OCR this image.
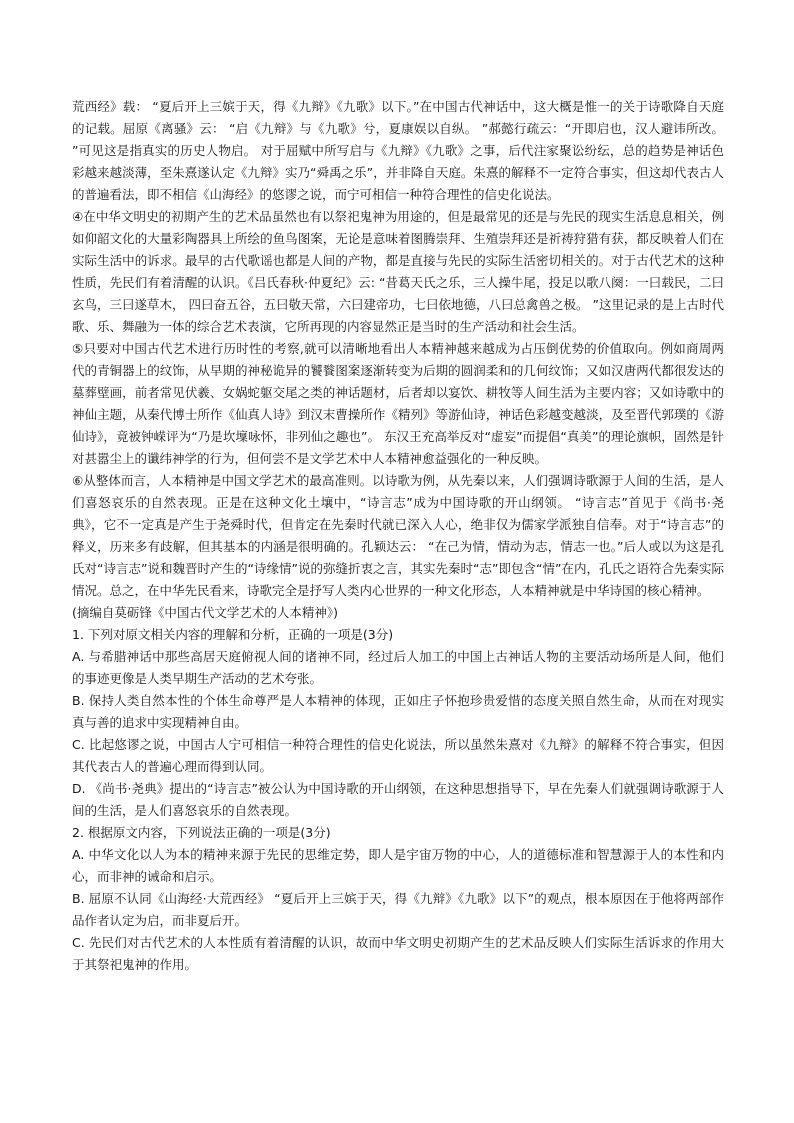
荒西经》载： “夏后开上三嫔于天，得《九辩》《九歌》以下。”在中国古代神话中，这大概是惟一的关于诗歌降自天庭的记载。屈原《离骚》云： “启《九辩》与《九歌》兮，夏康娱以自纵。 ”郝懿行疏云：“开即启也，汉人避讳所改。 ”可见这是指真实的历史人物启。 对于屈赋中所写启与《九辩》《九歌》之事，后代注家聚讼纷纭，总的趋势是神话色彩越来越淡薄，至朱熹遂认定《九辩》实乃“舜禹之乐”，并非降自天庭。朱熹的解释不一定符合事实，但这却代表古人的普遍看法，即不相信《山海经》的悠谬之说，而宁可相信一种符合理性的信史化说法。

④在中华文明史的初期产生的艺术品虽然也有以祭祀鬼神为用途的，但是最常见的还是与先民的现实生活息息相关，例如仰韶文化的大量彩陶器具上所绘的鱼鸟图案，无论是意味着图腾崇拜、生殖崇拜还是祈祷狩猎有获，都反映着人们在实际生活中的诉求。最早的古代歌谣也都是人间的产物，都是直接与先民的实际生活密切相关的。对于古代艺术的这种性质，先民们有着清醒的认识。《吕氏春秋·仲夏纪》云: “昔葛天氏之乐，三人操牛尾，投足以歌八阕：一曰载民，二曰玄鸟，三曰遂草木， 四曰奋五谷，五曰敬天常，六曰建帝功，七曰依地德，八曰总禽兽之极。 ”这里记录的是上古时代歌、乐、舞融为一体的综合艺术表演，它所再现的内容显然正是当时的生产活动和社会生活。

⑤只要对中国古代艺术进行历时性的考察,就可以清晰地看出人本精神越来越成为占压倒优势的价值取向。例如商周两代的青铜器上的纹饰，从早期的神秘诡异的饕餮图案逐渐转变为后期的圆润柔和的几何纹饰；又如汉唐两代都很发达的墓葬壁画，前者常见伏羲、女娲蛇躯交尾之类的神话题材，后者却以宴饮、耕牧等人间生活为主要内容；又如诗歌中的神仙主题，从秦代博士所作《仙真人诗》到汉末曹操所作《精列》等游仙诗，神话色彩越变越淡，及至晋代郭璞的《游仙诗》，竟被钟嵘评为“乃是坎壈咏怀，非列仙之趣也”。 东汉王充高举反对“虚妄”而提倡“真美”的理论旗帜，固然是针对甚嚣尘上的谶纬神学的行为，但何尝不是文学艺术中人本精神愈益强化的一种反映。

⑥从整体而言，人本精神是中国文学艺术的最高准则。以诗歌为例，从先秦以来，人们强调诗歌源于人间的生活，是人们喜怒哀乐的自然表现。正是在这种文化土壤中，“诗言志”成为中国诗歌的开山纲领。 “诗言志”首见于《尚书·尧典》，它不一定真是产生于尧舜时代，但肯定在先秦时代就已深入人心，绝非仅为儒家学派独自信奉。对于“诗言志”的释义，历来多有歧解，但其基本的内涵是很明确的。孔颖达云： “在己为情，情动为志，情志一也。”后人或以为这是孔氏对“诗言志”说和魏晋时产生的“诗缘情”说的弥缝折衷之言，其实先秦时“志”即包含“情”在内，孔氏之语符合先秦实际情况。总之，在中华先民看来，诗歌完全是抒写人类内心世界的一种文化形态，人本精神就是中华诗国的核心精神。

(摘编自莫砺锋《中国古代文学艺术的人本精神》)

1. 下列对原文相关内容的理解和分析，正确的一项是(3分)

A. 与希腊神话中那些高居天庭俯视人间的诸神不同，经过后人加工的中国上古神话人物的主要活动场所是人间，他们的事迹更像是人类早期生产活动的艺术夸张。

B. 保持人类自然本性的个体生命尊严是人本精神的体现，正如庄子怀抱珍贵爱惜的态度关照自然生命，从而在对现实真与善的追求中实现精神自由。

C. 比起悠谬之说，中国古人宁可相信一种符合理性的信史化说法，所以虽然朱熹对《九辩》的解释不符合事实，但因其代表古人的普遍心理而得到认同。

D. 《尚书·尧典》提出的“诗言志”被公认为中国诗歌的开山纲领，在这种思想指导下，早在先秦人们就强调诗歌源于人间的生活，是人们喜怒哀乐的自然表现。

2. 根据原文内容，下列说法正确的一项是(3分)

A. 中华文化以人为本的精神来源于先民的思维定势，即人是宇宙万物的中心，人的道德标准和智慧源于人的本性和内心，而非神的诫命和启示。

B. 屈原不认同《山海经·大荒西经》 “夏后开上三嫔于天，得《九辩》《九歌》以下”的观点，根本原因在于他将两部作品作者认定为启，而非夏后开。

C. 先民们对古代艺术的人本性质有着清醒的认识，故而中华文明史初期产生的艺术品反映人们实际生活诉求的作用大于其祭祀鬼神的作用。
